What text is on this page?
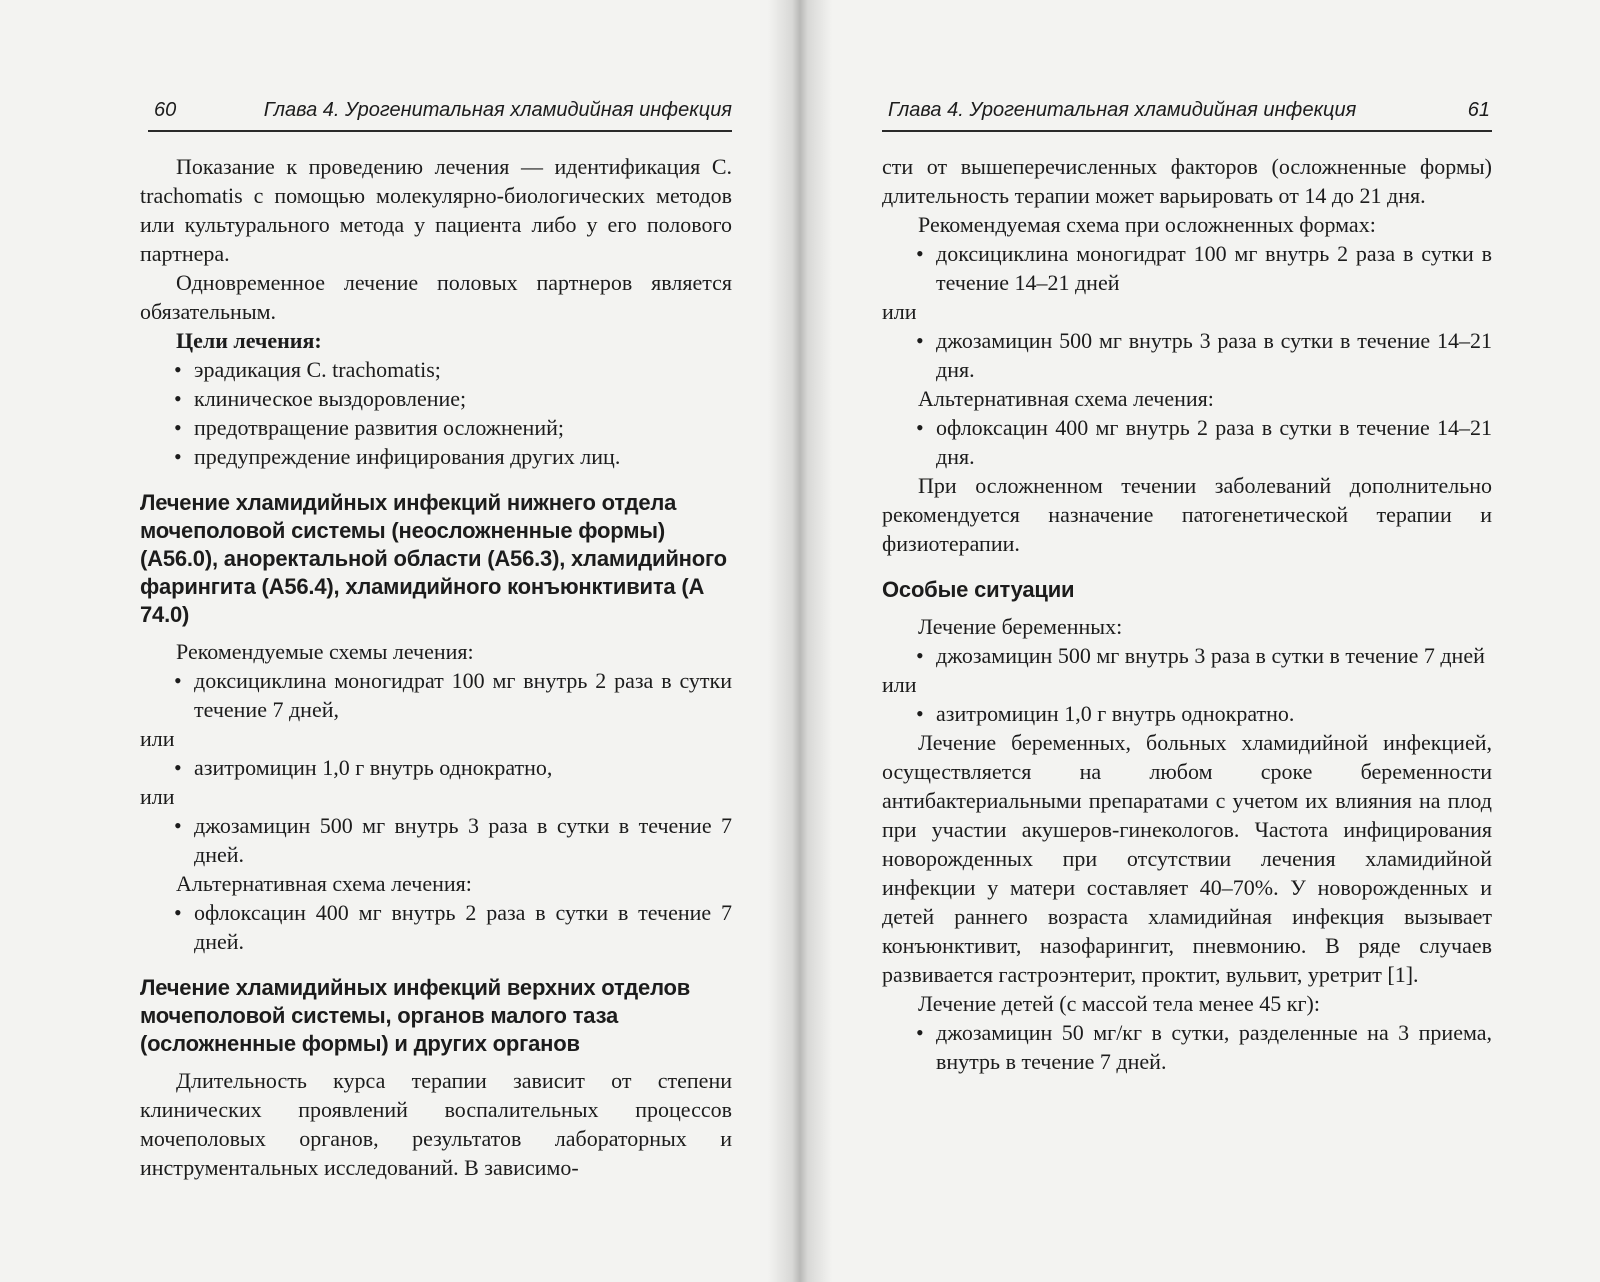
60	Глава 4. Урогенитальная хламидийная инфекция

Показание к проведению лечения — идентификация C. trachomatis с помощью молекулярно-биологических методов или культурального метода у пациента либо у его полового партнера.

Одновременное лечение половых партнеров является обязательным.

Цели лечения:

• эрадикация C. trachomatis;
• клиническое выздоровление;
• предотвращение развития осложнений;
• предупреждение инфицирования других лиц.

Лечение хламидийных инфекций нижнего отдела мочеполовой системы (неосложненные формы) (А56.0), аноректальной области (А56.3), хламидийного фарингита (А56.4), хламидийного конъюнктивита (А 74.0)

Рекомендуемые схемы лечения:

• доксициклина моногидрат 100 мг внутрь 2 раза в сутки течение 7 дней,

или

• азитромицин 1,0 г внутрь однократно,

или

• джозамицин 500 мг внутрь 3 раза в сутки в течение 7 дней.

Альтернативная схема лечения:

• офлоксацин 400 мг внутрь 2 раза в сутки в течение 7 дней.

Лечение хламидийных инфекций верхних отделов мочеполовой системы, органов малого таза (осложненные формы) и других органов

Длительность курса терапии зависит от степени клинических проявлений воспалительных процессов мочеполовых органов, результатов лабораторных и инструментальных исследований. В зависимо-

Глава 4. Урогенитальная хламидийная инфекция	61

сти от вышеперечисленных факторов (осложненные формы) длительность терапии может варьировать от 14 до 21 дня.

Рекомендуемая схема при осложненных формах:

• доксициклина моногидрат 100 мг внутрь 2 раза в сутки в течение 14–21 дней

или

• джозамицин 500 мг внутрь 3 раза в сутки в течение 14–21 дня.

Альтернативная схема лечения:

• офлоксацин 400 мг внутрь 2 раза в сутки в течение 14–21 дня.

При осложненном течении заболеваний дополнительно рекомендуется назначение патогенетической терапии и физиотерапии.

Особые ситуации

Лечение беременных:

• джозамицин 500 мг внутрь 3 раза в сутки в течение 7 дней

или

• азитромицин 1,0 г внутрь однократно.

Лечение беременных, больных хламидийной инфекцией, осуществляется на любом сроке беременности антибактериальными препаратами с учетом их влияния на плод при участии акушеров-гинекологов. Частота инфицирования новорожденных при отсутствии лечения хламидийной инфекции у матери составляет 40–70%. У новорожденных и детей раннего возраста хламидийная инфекция вызывает конъюнктивит, назофарингит, пневмонию. В ряде случаев развивается гастроэнтерит, проктит, вульвит, уретрит [1].

Лечение детей (с массой тела менее 45 кг):

• джозамицин 50 мг/кг в сутки, разделенные на 3 приема, внутрь в течение 7 дней.
